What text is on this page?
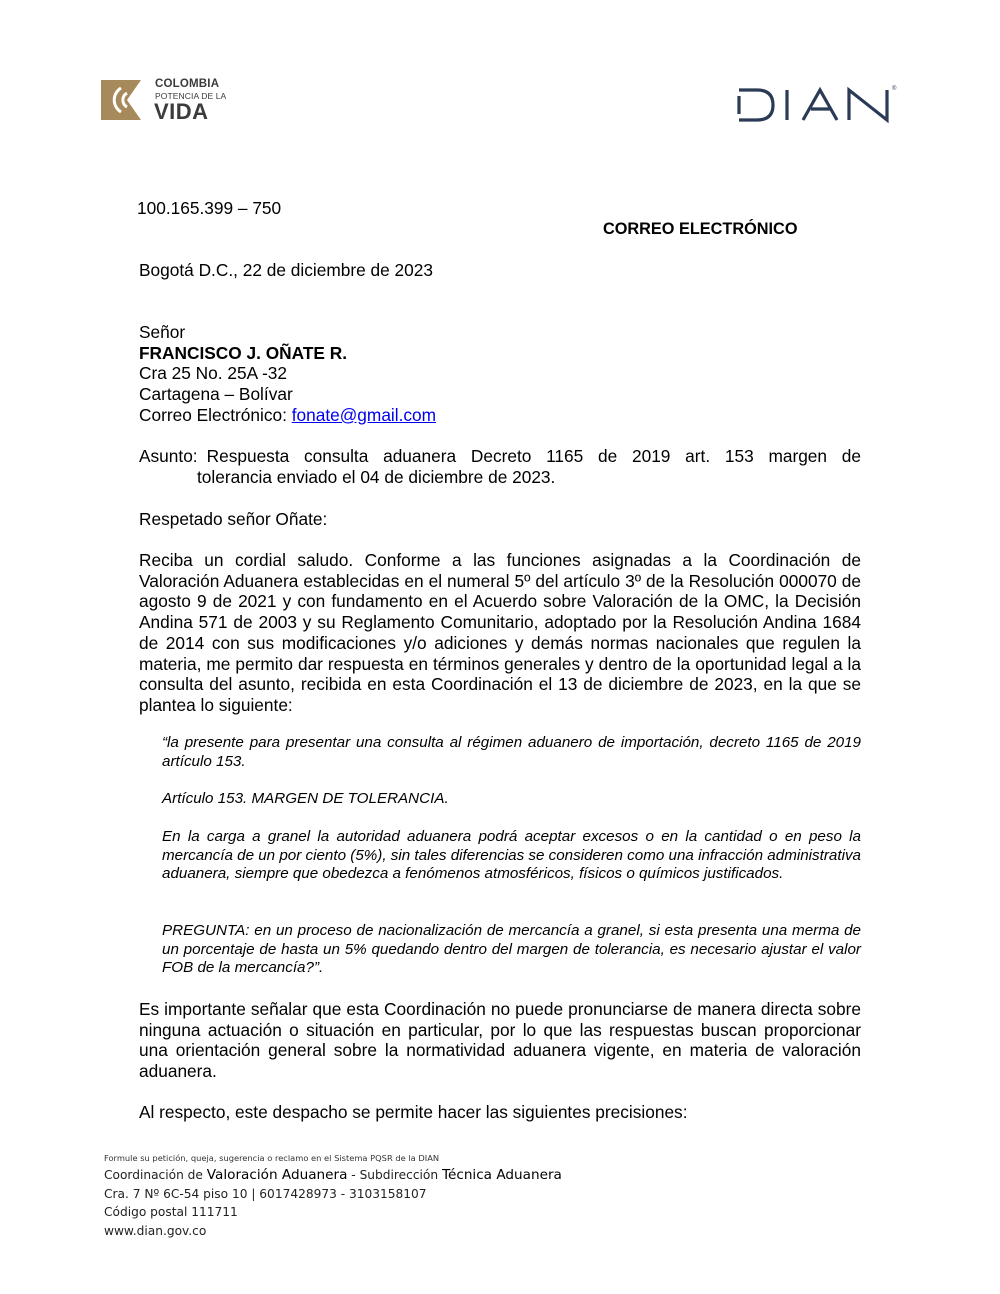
COLOMBIA
POTENCIA DE LA
VIDA
®
100.165.399 – 750
CORREO ELECTRÓNICO
Bogotá D.C., 22 de diciembre de 2023
Señor
FRANCISCO J. OÑATE R.
Cra 25 No. 25A -32
Cartagena – Bolívar
Correo Electrónico: fonate@gmail.com
Asunto: Respuesta consulta aduanera Decreto 1165 de 2019 art. 153 margen de
tolerancia enviado el 04 de diciembre de 2023.
Respetado señor Oñate:
Reciba un cordial saludo. Conforme a las funciones asignadas a la Coordinación de Valoración Aduanera establecidas en el numeral 5º del artículo 3º de la Resolución 000070 de agosto 9 de 2021 y con fundamento en el Acuerdo sobre Valoración de la OMC, la Decisión Andina 571 de 2003 y su Reglamento Comunitario, adoptado por la Resolución Andina 1684 de 2014 con sus modificaciones y/o adiciones y demás normas nacionales que regulen la materia, me permito dar respuesta en términos generales y dentro de la oportunidad legal a la consulta del asunto, recibida en esta Coordinación el 13 de diciembre de 2023, en la que se plantea lo siguiente:
“la presente para presentar una consulta al régimen aduanero de importación, decreto 1165 de 2019 artículo 153.
Artículo 153. MARGEN DE TOLERANCIA.
En la carga a granel la autoridad aduanera podrá aceptar excesos o en la cantidad o en peso la mercancía de un por ciento (5%), sin tales diferencias se consideren como una infracción administrativa aduanera, siempre que obedezca a fenómenos atmosféricos, físicos o químicos justificados.
PREGUNTA: en un proceso de nacionalización de mercancía a granel, si esta presenta una merma de un porcentaje de hasta un 5% quedando dentro del margen de tolerancia, es necesario ajustar el valor FOB de la mercancía?”.
Es importante señalar que esta Coordinación no puede pronunciarse de manera directa sobre ninguna actuación o situación en particular, por lo que las respuestas buscan proporcionar una orientación general sobre la normatividad aduanera vigente, en materia de valoración aduanera.
Al respecto, este despacho se permite hacer las siguientes precisiones:
Formule su petición, queja, sugerencia o reclamo en el Sistema PQSR de la DIAN
Coordinación de Valoración Aduanera - Subdirección Técnica Aduanera
Cra. 7 Nº 6C-54 piso 10 | 6017428973 - 3103158107
Código postal 111711
www.dian.gov.co
